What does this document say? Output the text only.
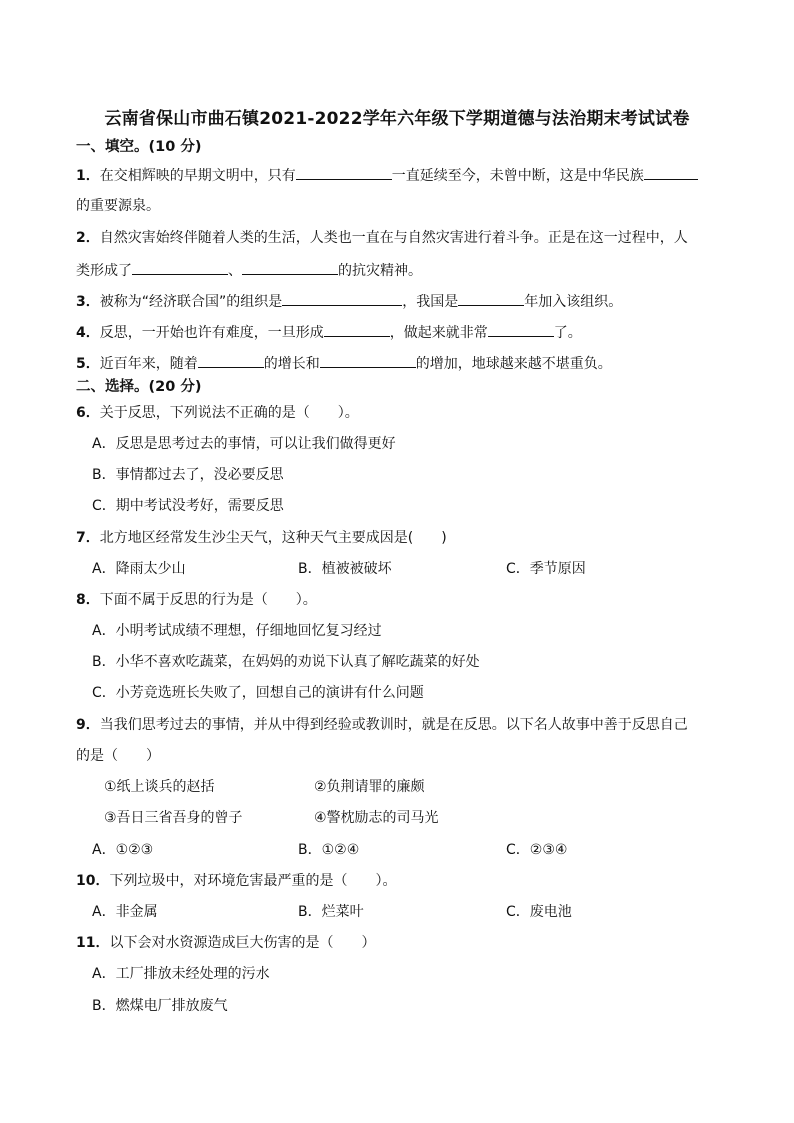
云南省保山市曲石镇2021-2022学年六年级下学期道德与法治期末考试试卷
一、填空。(10 分)
1．在交相辉映的早期文明中，只有	一直延续至今，未曾中断，这是中华民族
的重要源泉。
2．自然灾害始终伴随着人类的生活，人类也一直在与自然灾害进行着斗争。正是在这一过程中，人
类形成了	、	的抗灾精神。
3．被称为“经济联合国”的组织是	，我国是	年加入该组织。
4．反思，一开始也许有难度，一旦形成	，做起来就非常	了。
5．近百年来，随着	的增长和	的增加，地球越来越不堪重负。
二、选择。(20 分)
6．关于反思，下列说法不正确的是（　　）。
A．反思是思考过去的事情，可以让我们做得更好
B．事情都过去了，没必要反思
C．期中考试没考好，需要反思
7．北方地区经常发生沙尘天气，这种天气主要成因是(　　)
A．降雨太少山	B．植被被破坏	C．季节原因
8．下面不属于反思的行为是（　　）。
A．小明考试成绩不理想，仔细地回忆复习经过
B．小华不喜欢吃蔬菜，在妈妈的劝说下认真了解吃蔬菜的好处
C．小芳竞选班长失败了，回想自己的演讲有什么问题
9．当我们思考过去的事情，并从中得到经验或教训时，就是在反思。以下名人故事中善于反思自己
的是（　　）
①纸上谈兵的赵括	②负荆请罪的廉颇
③吾日三省吾身的曾子	④警枕励志的司马光
A．①②③	B．①②④	C．②③④
10．下列垃圾中，对环境危害最严重的是（　　）。
A．非金属	B．烂菜叶	C．废电池
11．以下会对水资源造成巨大伤害的是（　　）
A．工厂排放未经处理的污水
B．燃煤电厂排放废气
